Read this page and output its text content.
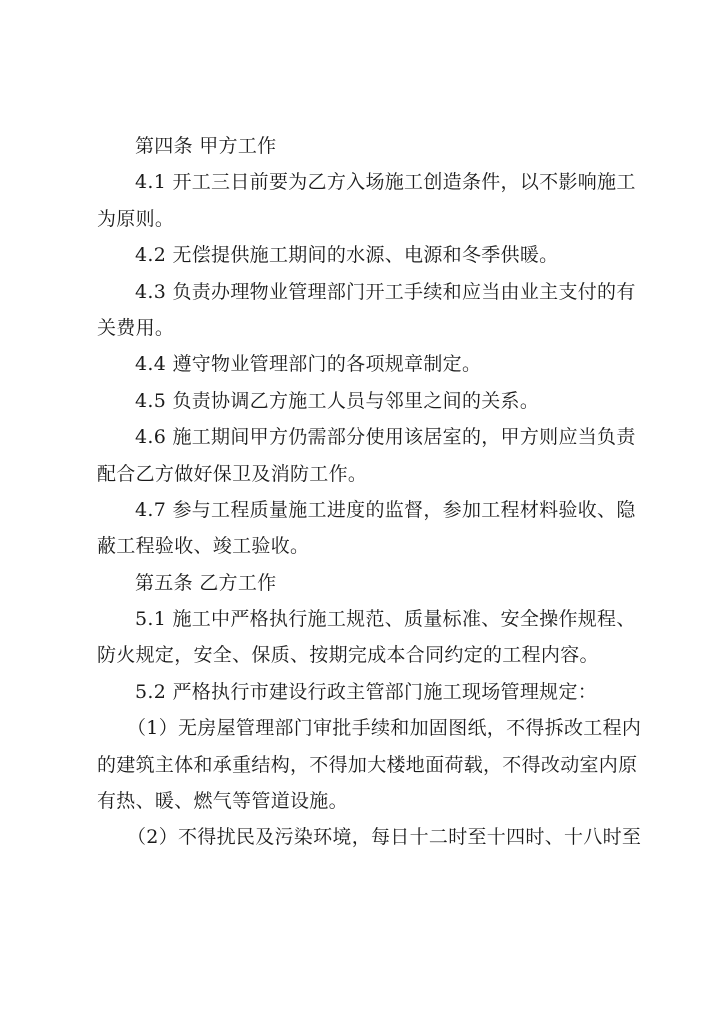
第四条 甲方工作
4.1 开工三日前要为乙方入场施工创造条件，以不影响施工
为原则。
4.2 无偿提供施工期间的水源、电源和冬季供暖。
4.3 负责办理物业管理部门开工手续和应当由业主支付的有
关费用。
4.4 遵守物业管理部门的各项规章制定。
4.5 负责协调乙方施工人员与邻里之间的关系。
4.6 施工期间甲方仍需部分使用该居室的，甲方则应当负责
配合乙方做好保卫及消防工作。
4.7 参与工程质量施工进度的监督，参加工程材料验收、隐
蔽工程验收、竣工验收。
第五条 乙方工作
5.1 施工中严格执行施工规范、质量标准、安全操作规程、
防火规定，安全、保质、按期完成本合同约定的工程内容。
5.2 严格执行市建设行政主管部门施工现场管理规定：
（1）无房屋管理部门审批手续和加固图纸，不得拆改工程内
的建筑主体和承重结构，不得加大楼地面荷载，不得改动室内原
有热、暖、燃气等管道设施。
（2）不得扰民及污染环境，每日十二时至十四时、十八时至
